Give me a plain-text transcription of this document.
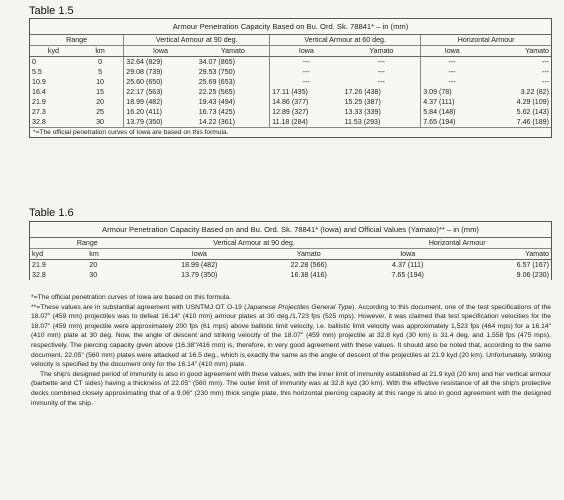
Table 1.5
Armour Penetration Capacity Based on Bu. Ord. Sk. 78841* – in (mm)
Range		Vertical Armour at 90 deg.		Vertical Armour at 60 deg.		Horizontal Armour	
kyd	km	Iowa	Yamato	Iowa	Yamato	Iowa	Yamato
0	0	32.64 (829)	34.07 (865)	---	---	---	---
5.5	5	29.08 (739)	29.53 (750)	---	---	---	---
10.9	10	25.60 (650)	25.69 (653)	---	---	---	---
16.4	15	22.17 (563)	22.25 (565)	17.11 (435)	17.26 (438)	3.09 (78)	3.22 (82)
21.9	20	18.99 (482)	19.43 (494)	14.86 (377)	15.25 (387)	4.37 (111)	4.29 (109)
27.3	25	16.20 (411)	16.73 (425)	12.89 (327)	13.33 (339)	5.84 (148)	5.62 (143)
32.8	30	13.79 (350)	14.22 (361)	11.18 (284)	11.53 (293)	7.65 (194)	7.46 (189)
*=The official penetration curves of Iowa are based on this formula.
Table 1.6
Armour Penetration Capacity Based on and Bu. Ord. Sk. 78841* (Iowa) and Official Values (Yamato)** – in (mm)
Range		Vertical Armour at 90 deg.		Horizontal Armour	
kyd	km	Iowa	Yamato	Iowa	Yamato
21.9	20	18.99 (482)	22.28 (566)	4.37 (111)	6.57 (167)
32.8	30	13.79 (350)	16.38 (416)	7.65 (194)	9.06 (230)

*=The official penetration curves of Iowa are based on this formula.

**=These values are in substantial agreement with USNTMJ OT O-19 (Japanese Projectiles General Type). According to this document, one of the test specifications of the 18.07" (459 mm) projectiles was to defeat 16.14" (410 mm) armour plates at 30 deg./1,723 fps (525 mps). However, it was claimed that test specification velocities for the 18.07" (459 mm) projectile were approximately 200 fps (61 mps) above ballistic limit velocity, i.e. ballistic limit velocity was approximately 1,523 fps (464 mps) for a 16.14" (410 mm) plate at 30 deg. Now, the angle of descent and striking velocity of the 18.07" (459 mm) projectile at 32.8 kyd (30 km) is 31.4 deg. and 1,558 fps (475 mps), respectively. The piercing capacity given above (16.38"/416 mm) is, therefore, in very good agreement with these values. It should also be noted that, according to the same document, 22.05" (560 mm) plates were attacked at 16.5 deg., which is exactly the same as the angle of descent of the projectiles at 21.9 kyd (20 km). Unfortunately, striking velocity is specified by the document only for the 16.14" (410 mm) plate.

The ship's designed period of immunity is also in good agreement with these values, with the inner limit of immunity established at 21.9 kyd (20 km) and her vertical armour (barbette and CT sides) having a thickness of 22.05" (560 mm). The outer limit of immunity was at 32.8 kyd (30 km). With the effective resistance of all the ship's protective decks combined closely approximating that of a 9.06" (230 mm) thick single plate, this horizontal piercing capacity at this range is also in good agreement with the designed immunity of the ship.
